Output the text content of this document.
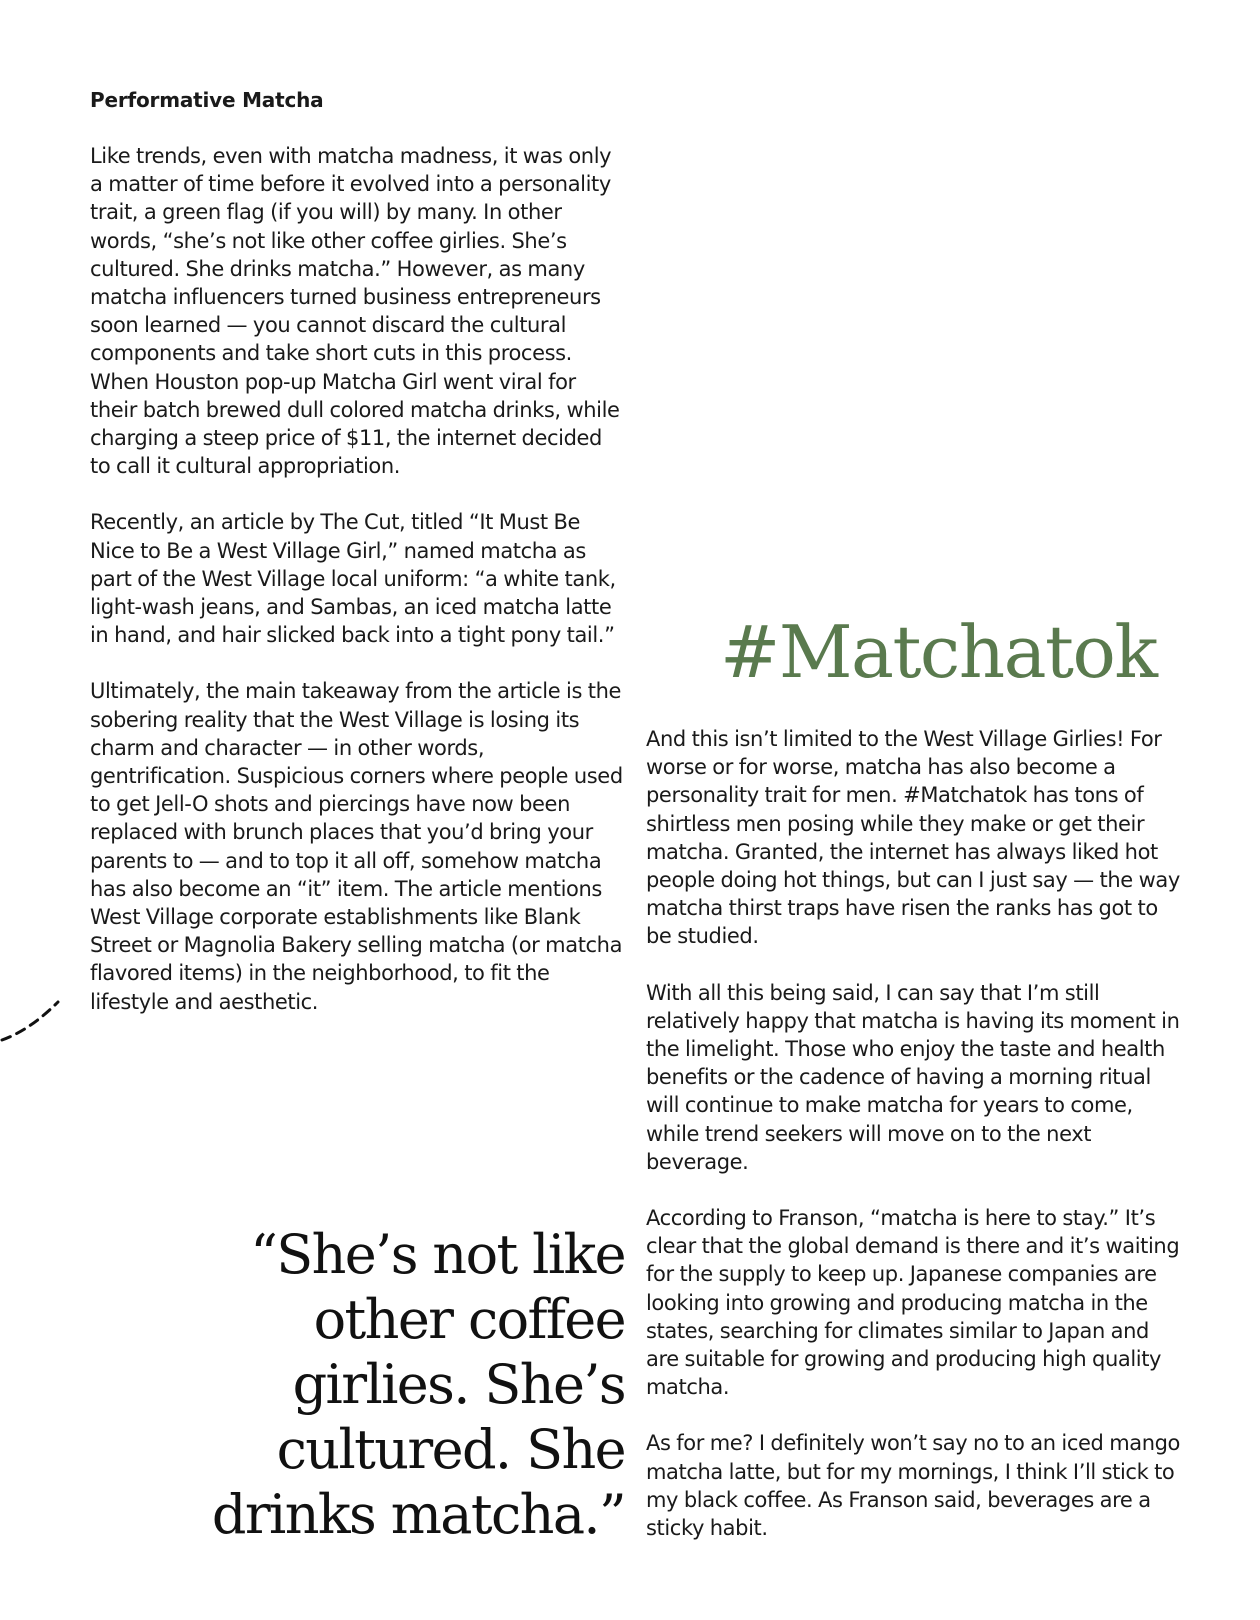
Performative Matcha

Like trends, even with matcha madness, it was only a matter of time before it evolved into a personality trait, a green flag (if you will) by many. In other words, “she’s not like other coffee girlies. She’s cultured. She drinks matcha.” However, as many matcha influencers turned business entrepreneurs soon learned — you cannot discard the cultural components and take short cuts in this process. When Houston pop-up Matcha Girl went viral for their batch brewed dull colored matcha drinks, while charging a steep price of $11, the internet decided to call it cultural appropriation.

Recently, an article by The Cut, titled “It Must Be Nice to Be a West Village Girl,” named matcha as part of the West Village local uniform: “a white tank, light-wash jeans, and Sambas, an iced matcha latte in hand, and hair slicked back into a tight pony tail.”

Ultimately, the main takeaway from the article is the sobering reality that the West Village is losing its charm and character — in other words, gentrification. Suspicious corners where people used to get Jell-O shots and piercings have now been replaced with brunch places that you’d bring your parents to — and to top it all off, somehow matcha has also become an “it” item. The article mentions West Village corporate establishments like Blank Street or Magnolia Bakery selling matcha (or matcha flavored items) in the neighborhood, to fit the lifestyle and aesthetic.

#Matchatok

And this isn’t limited to the West Village Girlies! For worse or for worse, matcha has also become a personality trait for men. #Matchatok has tons of shirtless men posing while they make or get their matcha. Granted, the internet has always liked hot people doing hot things, but can I just say — the way matcha thirst traps have risen the ranks has got to be studied.

With all this being said, I can say that I’m still relatively happy that matcha is having its moment in the limelight. Those who enjoy the taste and health benefits or the cadence of having a morning ritual will continue to make matcha for years to come, while trend seekers will move on to the next beverage.

According to Franson, “matcha is here to stay.” It’s clear that the global demand is there and it’s waiting for the supply to keep up. Japanese companies are looking into growing and producing matcha in the states, searching for climates similar to Japan and are suitable for growing and producing high quality matcha.

As for me? I definitely won’t say no to an iced mango matcha latte, but for my mornings, I think I’ll stick to my black coffee. As Franson said, beverages are a sticky habit.

“She’s not like other coffee girlies. She’s cultured. She drinks matcha.”
